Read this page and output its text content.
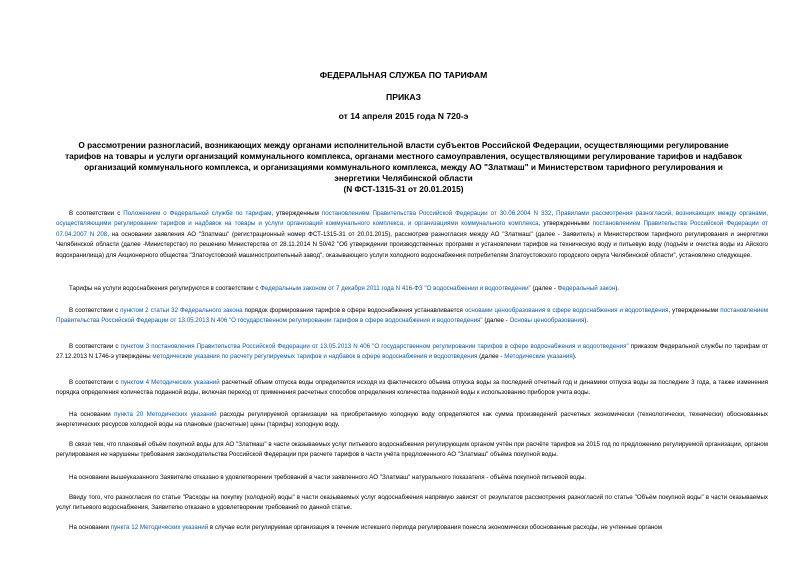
ФЕДЕРАЛЬНАЯ СЛУЖБА ПО ТАРИФАМ
ПРИКАЗ
от 14 апреля 2015 года N 720-э
О рассмотрении разногласий, возникающих между органами исполнительной власти субъектов Российской Федерации, осуществляющими регулирование
тарифов на товары и услуги организаций коммунального комплекса, органами местного самоуправления, осуществляющими регулирование тарифов и надбавок
организаций коммунального комплекса, и организациями коммунального комплекса, между АО "Златмаш" и Министерством тарифного регулирования и
энергетики Челябинской области
(N ФСТ-1315-31 от 20.01.2015)

В соответствии с Положением о Федеральной службе по тарифам, утвержденным постановлением Правительства Российской Федерации от 30.06.2004 N 332, Правилами рассмотрения разногласий, возникающих между органами, осуществляющими регулирование тарифов и надбавок на товары и услуги организаций коммунального комплекса, и организациями коммунального комплекса, утвержденными постановлением Правительства Российской Федерации от 07.04.2007 N 208, на основании заявления АО "Златмаш" (регистрационный номер ФСТ-1315-31 от 20.01.2015), рассмотрев разногласия между АО "Златмаш" (далее - Заявитель) и Министерством тарифного регулирования и энергетики Челябинской области (далее -Министерство) по решению Министерства от 28.11.2014 N 50/42 "Об утверждении производственных программ и установлении тарифов на техническую воду и питьевую воду (подъём и очистка воды из Айского водохранилища) для Акционерного общества "Златоустовский машиностроительный завод", оказывающего услуги холодного водоснабжения потребителям Златоустовского городского округа Челябинской области", установлено следующее.

Тарифы на услуги водоснабжения регулируются в соответствии с Федеральным законом от 7 декабря 2011 года N 416-ФЗ "О водоснабжении и водоотведении" (далее - Федеральный закон).

В соответствии с пунктом 2 статьи 32 Федерального закона порядок формирования тарифов в сфере водоснабжения устанавливается основами ценообразования в сфере водоснабжения и водоотведения, утвержденными постановлением Правительства Российской Федерации от 13.05.2013 N 406 "О государственном регулировании тарифов в сфере водоснабжения и водоотведения" (далее - Основы ценообразования).

В соответствии с пунктом 3 постановления Правительства Российской Федерации от 13.05.2013 N 406 "О государственном регулировании тарифов в сфере водоснабжения и водоотведения" приказом Федеральной службы по тарифам от 27.12.2013 N 1746-э утверждены методические указания по расчету регулируемых тарифов и надбавок в сфере водоснабжения и водоотведения (далее - Методические указания).

В соответствии с пунктом 4 Методических указаний расчетный объем отпуска воды определяется исходя из фактического объема отпуска воды за последний отчетный год и динамики отпуска воды за последние 3 года, а также изменения порядка определения количества поданной воды, включая переход от применения расчетных способов определения количества поданной воды к использованию приборов учета воды.

На основании пункта 20 Методических указаний расходы регулируемой организации на приобретаемую холодную воду определяются как сумма произведений расчетных экономически (технологически, технически) обоснованных энергетических ресурсов холодной воды на плановые (расчетные) цены (тарифы) холодную воду.

В связи тем, что плановый объём покупной воды для АО "Златмаш" в части оказываемых услуг питьевого водоснабжения регулирующим органом учтён при расчёте тарифов на 2015 год по предложению регулируемой организации, органом регулирования не нарушены требования законодательства Российской Федерации при расчете тарифов в части учёта предложенного АО "Златмаш" объёма покупной воды.

На основании вышеуказанного Заявителю отказано в удовлетворении требований в части заявленного АО "Златмаш" натурального показателя - объёма покупной питьевой воды.

Ввиду того, что разногласия по статье "Расходы на покупку (холодной) воды" в части оказываемых услуг водоснабжения напрямую зависят от результатов рассмотрения разногласий по статье "Объём покупной воды" в части оказываемых услуг питьевого водоснабжения, Заявителю отказано в удовлетворении требований по данной статье.

На основании пункта 12 Методических указаний в случае если регулируемая организация в течение истекшего периода регулирования понесла экономически обоснованные расходы, не учтенные органом
